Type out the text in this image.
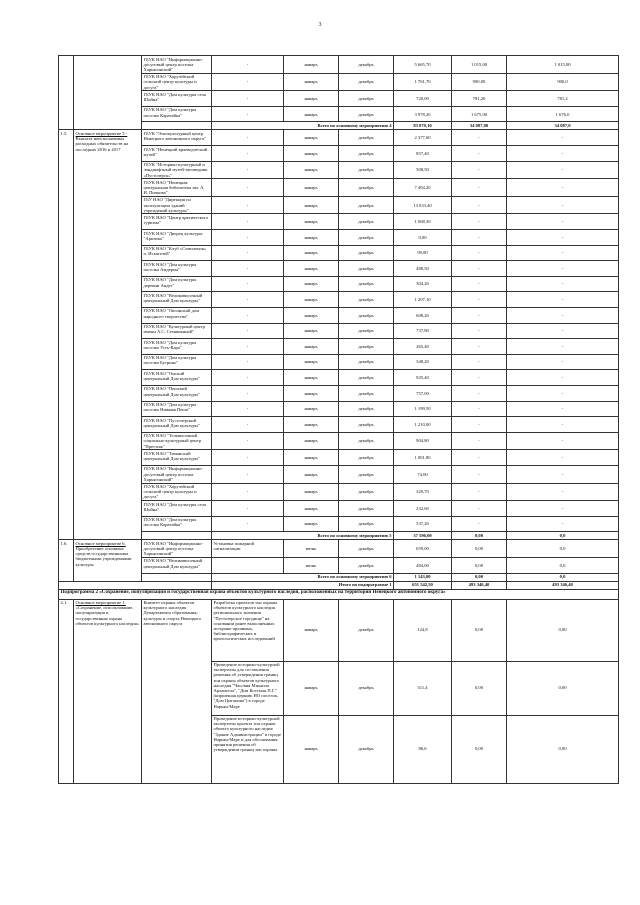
3
		ГБУК НАО "Информационно-досуговый центр поселка Харьягинский"	-	январь	декабрь	5 665,70	1 015,00	1 015,00
		ГБУК НАО "Хорузейский сельский центр культуры и досуга"	-	январь	декабрь	1 761,70	900,00	900,0
		ГБУК НАО "Дом культуры села Шойна"	-	январь	декабрь	720,00	781,20	781,2
		ГБУК НАО "Дом культуры поселка Каратайка"	-	январь	декабрь	3 978,20	1 675,00	1 676,0
			Всего по основному мероприятию 4			83 070,10	34 087,00	34 087,0
1.5.	Основное мероприятие 5 - Выплата неисполненных расходных обязательств на последних 2016 и 2017	ГБУК "Этнокультурный центр Ненецкого автономного округа"	-	январь	декабрь	2 377,60	-	-
		ГБУК "Ненецкий краеведческий музей"	-	январь	декабрь	857,40	-	-
		ГБУК "Историко-культурный и ландшафтный музей-заповедник «Пустозерск»"	-	январь	декабрь	508,50	-	-
		ГБУК НАО "Ненецкая центральная библиотека им. А. И. Пичкова"	-	январь	декабрь	7 494,20	-	-
		ГБУ НАО "Дирекция по эксплуатации зданий учреждений культуры"	-	январь	декабрь	13 033,40	-	-
		ГБУК НАО "Центр арктического туризма"	-	январь	декабрь	1 068,30	-	-
		ГБУК НАО "Дворец культуры "Арктика"	-	январь	декабрь	0,00	-	-
		ГБУК НАО "Клуб «Семиленок» п. Искателей"	-	январь	декабрь	99,80	-	-
		ГБУК НАО "Дом культуры поселка Амдерма"	-	январь	декабрь	488,50	-	-
		ГБУК НАО "Дом культуры деревни Андег"	-	январь	декабрь	304,20	-	-
		ГБУК НАО "Великовисочный центральный Дом культуры"	-	январь	декабрь	1 207,10	-	-
		ГБУК НАО "Оксинский дом народного творчества"	-	январь	декабрь	608,20	-	-
		ГБУК НАО "Культурный центр имени А.С. Семяшкиной"	-	январь	декабрь	737,80	-	-
		ГБУК НАО "Дом культуры поселка Усть-Кара"	-	январь	декабрь	265,40	-	-
		ГБУК НАО "Дом культуры поселка Бугрино"	-	январь	декабрь	348,20	-	-
		ГБУК НАО "Омский центральный Дом культуры"	-	январь	декабрь	925,40	-	-
		ГБУК НАО "Пешский центральный Дом культуры"	-	январь	декабрь	757,00	-	-
		ГБУК НАО "Дом культуры поселка Нижняя Пеша"	-	январь	декабрь	1 199,50	-	-
		ГБУК НАО "Пустозерский центральный Дом культуры"	-	январь	декабрь	1 210,00	-	-
		ГБУК НАО "Тельвисочный социально-культурный центр "Престиж"	-	январь	декабрь	904,80	-	-
		ГБУК НАО "Тиманский центральный Дом культуры"	-	январь	декабрь	1 001,80	-	-
		ГБУК НАО "Информационно-досуговый центр поселка Харьягинский"	-	январь	декабрь	74,00	-	-
		ГБУК НАО "Хорузейский сельский центр культуры и досуга"	-	январь	декабрь	329,70	-	-
		ГБУК НАО "Дом культуры села Шойна"	-	январь	декабрь	232,60	-	-
		ГБУК НАО "Дом культуры поселка Каратайка"	-	январь	декабрь	537,20	-	-
			Всего по основному мероприятию 5			37 596,00	0,00	0,0
1.6.	Основное мероприятие 6. Приобретение основных средств государственными бюджетными учреждениями культуры	ГБУК НАО "Информационно-досуговый центр поселка Харьягинский"	Установка пожарной сигнализации	июнь	декабрь	659,00	0,00	0,0
		ГБУК НАО "Великовисочный центральный Дом культуры"		июнь	декабрь	484,00	0,00	0,0
			Всего по основному мероприятию 6			1 143,00	0,00	0,0
			Итого по подпрограмме 1			651 542,50	493 346,40	493 346,40
Подпрограмма 2 «Сохранение, популяризация и государственная охрана объектов культурного наследия, расположенных на территории Ненецкого автономного округа»								
2.1.	Основное мероприятие 1. «Сохранение, использование, популяризация и государственная охрана объектов культурного наследия»	Комитет охраны объектов культурного наследия Департамента образования, культуры и спорта Ненецкого автономного округа	Разработка проектов зон охраны объектов культурного наследия регионального значения "Пустозерское городище" на основании ранее выполненных историко-архивных, библиографических и археологических исследований	январь	декабрь	124,8	0,00	0,00
			Проведение историко-культурной экспертизы для составления решения об утверждении границ зон охраны объектов культурного наследия "Часовня Михаила Архангела", "Дом Костыля П.Г." (кирпичная церковь НО поселок, "Дом Цыганова") в городе Нарьян-Маре	январь	декабрь	311,4	0,00	0,00
			Проведение историко-культурной экспертизы проекта зон охраны объекта культурного наследия "Здание Администрации" в городе Нарьян-Маре и для обоснования принятия решения об утверждении границ зон охраны	январь	декабрь	86,6	0,00	0,00
